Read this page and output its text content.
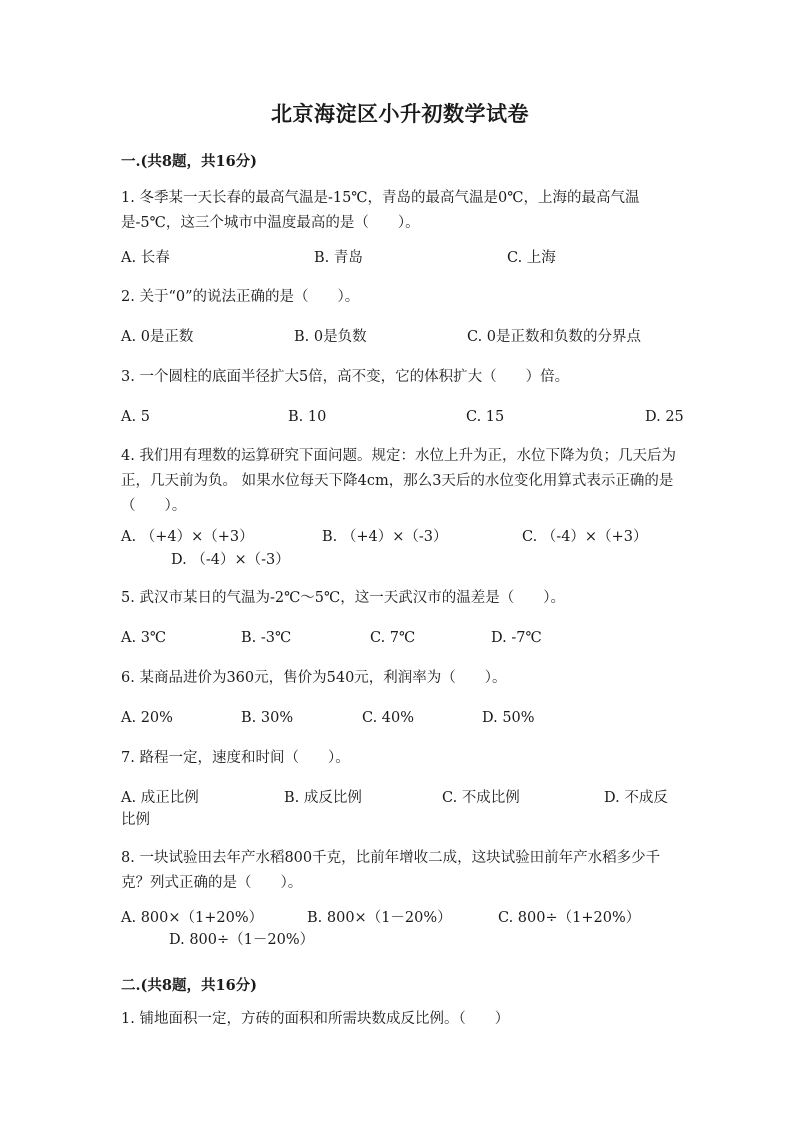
北京海淀区小升初数学试卷
一.(共8题，共16分)
1. 冬季某一天长春的最高气温是-15℃，青岛的最高气温是0℃，上海的最高气温是-5℃，这三个城市中温度最高的是（　　）。
A. 长春	B. 青岛	C. 上海
2. 关于“0”的说法正确的是（　　）。
A. 0是正数	B. 0是负数	C. 0是正数和负数的分界点
3. 一个圆柱的底面半径扩大5倍，高不变，它的体积扩大（　　）倍。
A. 5	B. 10	C. 15	D. 25
4. 我们用有理数的运算研究下面问题。规定：水位上升为正，水位下降为负；几天后为正，几天前为负。 如果水位每天下降4cm，那么3天后的水位变化用算式表示正确的是（　　）。
A. （+4）×（+3）	B. （+4）×（-3）	C. （-4）×（+3）
D. （-4）×（-3）
5. 武汉市某日的气温为-2℃～5℃，这一天武汉市的温差是（　　）。
A. 3℃	B. -3℃	C. 7℃	D. -7℃
6. 某商品进价为360元，售价为540元，利润率为（　　）。
A. 20%	B. 30%	C. 40%	D. 50%
7. 路程一定，速度和时间（　　）。
A. 成正比例	B. 成反比例	C. 不成比例	D. 不成反
比例
8. 一块试验田去年产水稻800千克，比前年增收二成，这块试验田前年产水稻多少千克？列式正确的是（　　）。
A. 800×（1+20%）	B. 800×（1－20%）	C. 800÷（1+20%）
D. 800÷（1－20%）
二.(共8题，共16分)
1. 铺地面积一定，方砖的面积和所需块数成反比例。（　　）
